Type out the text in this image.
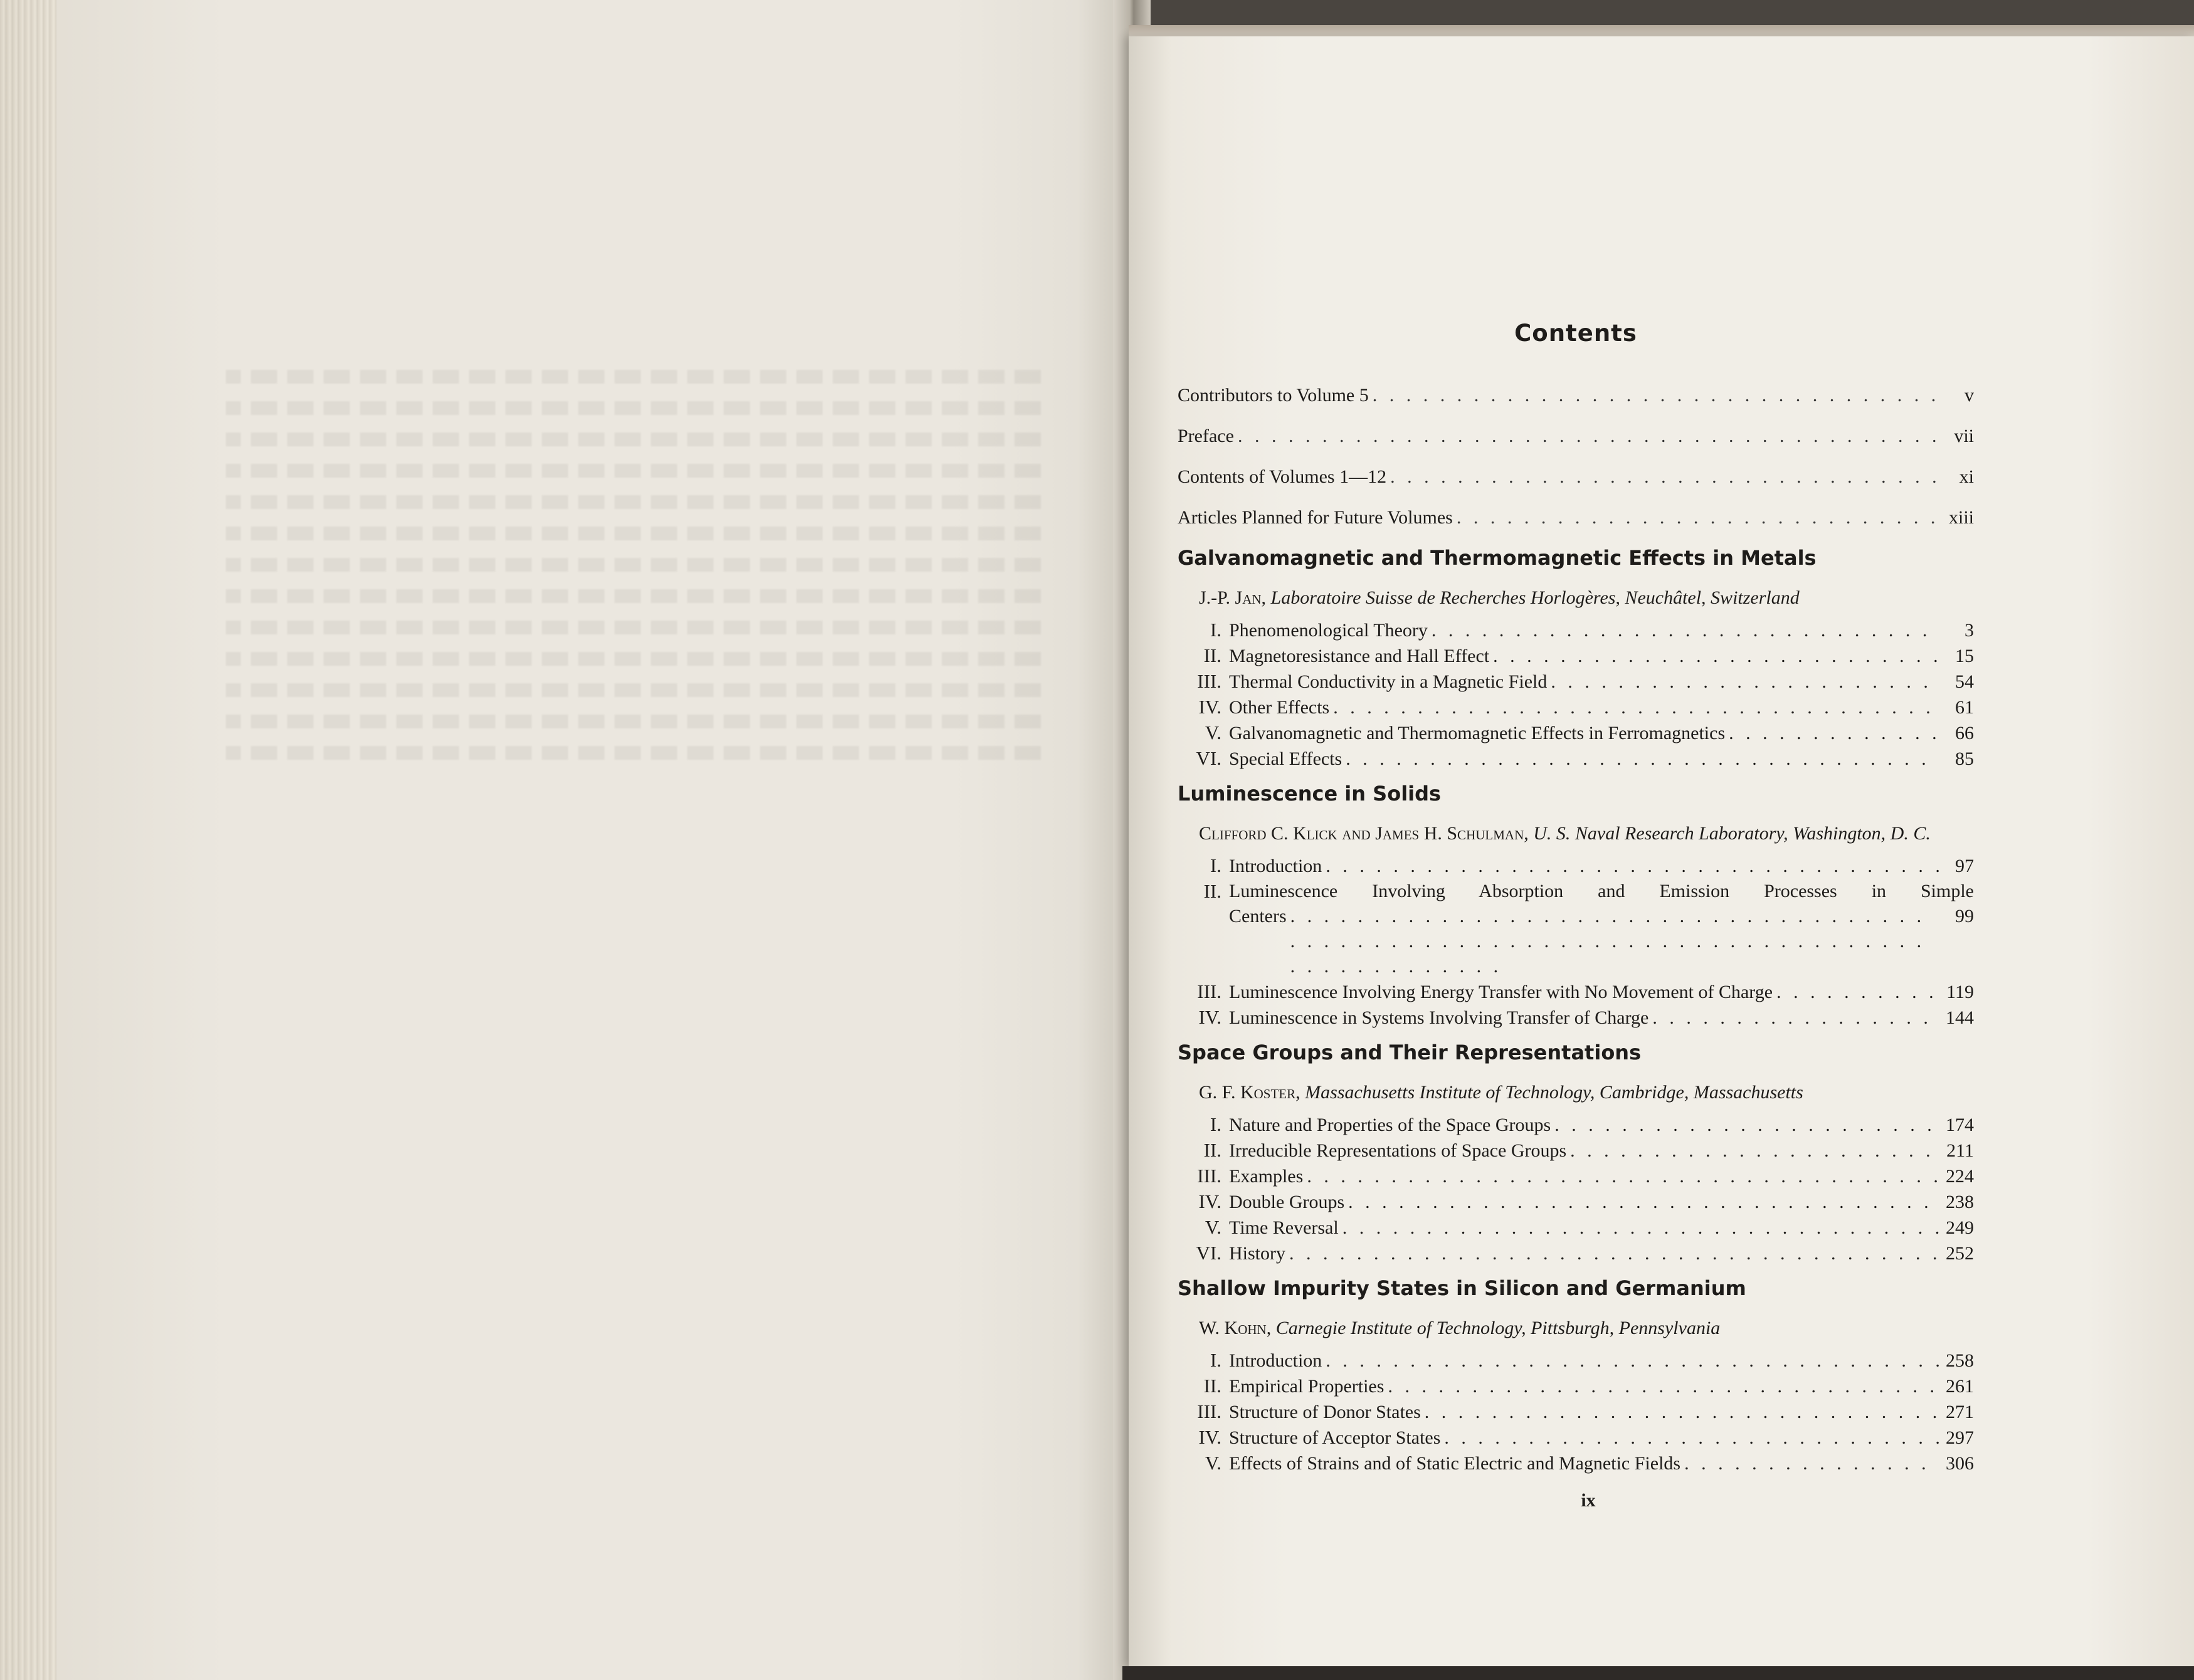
Contents
Contributors to Volume 5 . . .	v
Preface . . .	vii
Contents of Volumes 1—12 . . .	xi
Articles Planned for Future Volumes . . .	xiii
Galvanomagnetic and Thermomagnetic Effects in Metals
J.-P. Jan, Laboratoire Suisse de Recherches Horlogères, Neuchâtel, Switzerland
I. Phenomenological Theory . . .	3
II. Magnetoresistance and Hall Effect . . .	15
III. Thermal Conductivity in a Magnetic Field . . .	54
IV. Other Effects . . .	61
V. Galvanomagnetic and Thermomagnetic Effects in Ferromagnetics . . .	66
VI. Special Effects . . .	85
Luminescence in Solids
Clifford C. Klick and James H. Schulman, U. S. Naval Research Laboratory, Washington, D. C.
I. Introduction . . .	97
II. Luminescence Involving Absorption and Emission Processes in Simple
Centers . . .	99
III. Luminescence Involving Energy Transfer with No Movement of Charge . . .	119
IV. Luminescence in Systems Involving Transfer of Charge . . .	144
Space Groups and Their Representations
G. F. Koster, Massachusetts Institute of Technology, Cambridge, Massachusetts
I. Nature and Properties of the Space Groups . . .	174
II. Irreducible Representations of Space Groups . . .	211
III. Examples . . .	224
IV. Double Groups . . .	238
V. Time Reversal . . .	249
VI. History . . .	252
Shallow Impurity States in Silicon and Germanium
W. Kohn, Carnegie Institute of Technology, Pittsburgh, Pennsylvania
I. Introduction . . .	258
II. Empirical Properties . . .	261
III. Structure of Donor States . . .	271
IV. Structure of Acceptor States . . .	297
V. Effects of Strains and of Static Electric and Magnetic Fields . . .	306
ix
